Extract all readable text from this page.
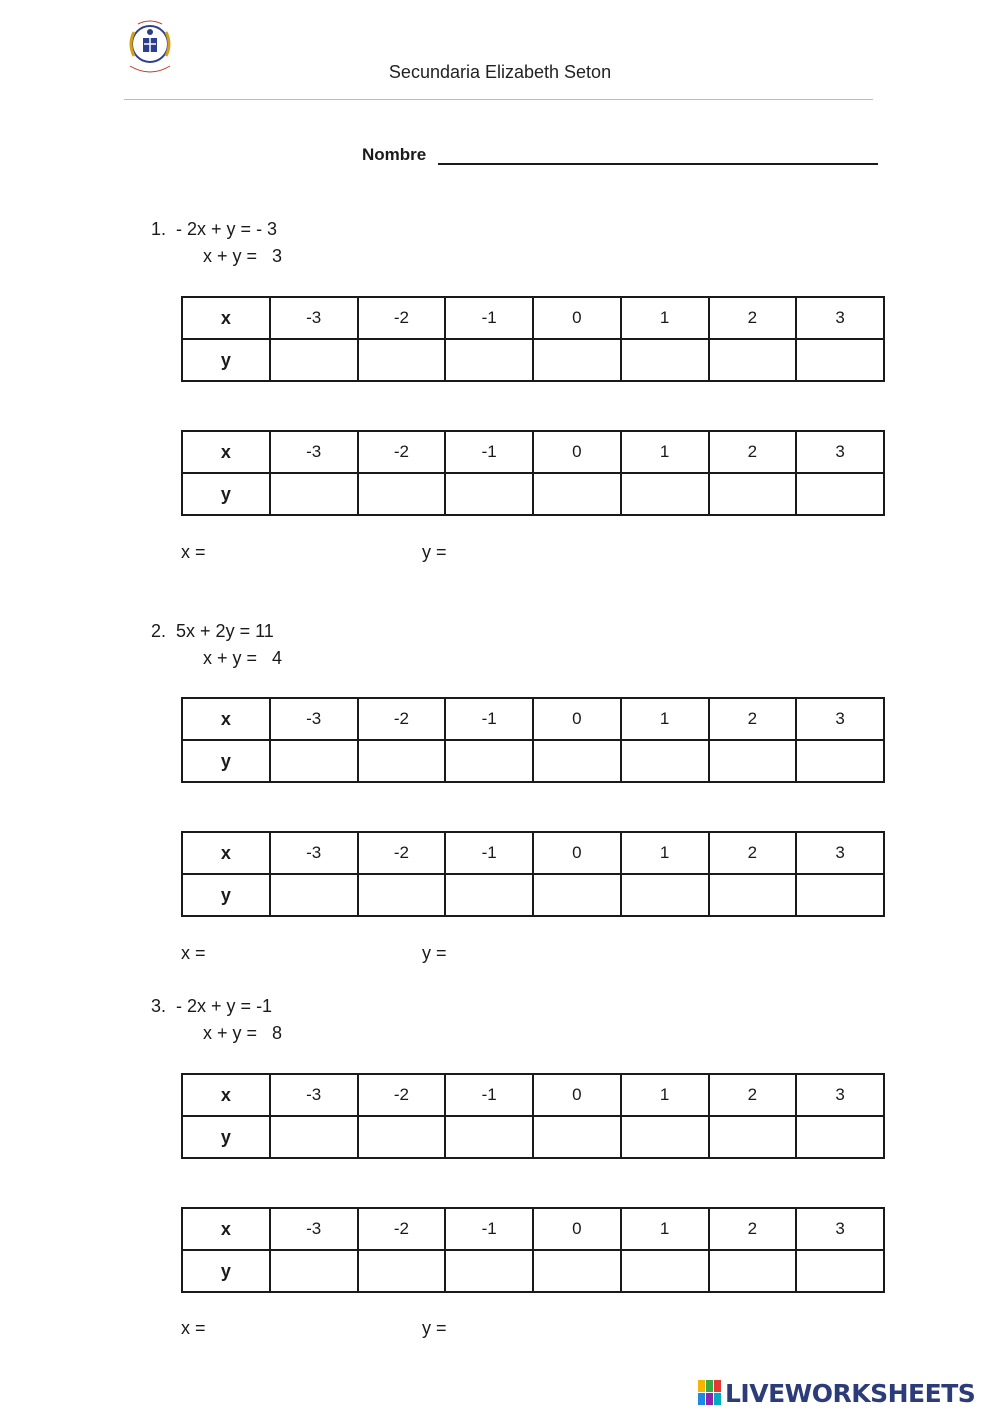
Secundaria Elizabeth Seton
Nombre
1. - 2x + y = - 3
x + y =   3
x	-3	-2	-1	0	1	2	3
y							
x	-3	-2	-1	0	1	2	3
y							
x =	y =
2. 5x + 2y = 11
x + y =   4
x	-3	-2	-1	0	1	2	3
y							
x	-3	-2	-1	0	1	2	3
y							
x =	y =
3. - 2x + y = -1
x + y =   8
x	-3	-2	-1	0	1	2	3
y							
x	-3	-2	-1	0	1	2	3
y							
x =	y =
LIVEWORKSHEETS
